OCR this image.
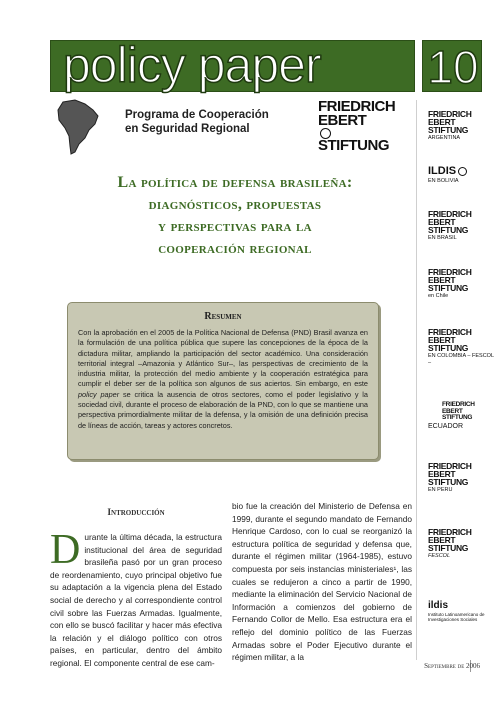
policy paper 10
Programa de Cooperación
en Seguridad Regional
FRIEDRICH
EBERT
STIFTUNG
FRIEDRICH
EBERT
STIFTUNG
ARGENTINA
ILDIS
EN BOLIVIA
FRIEDRICH
EBERT
STIFTUNG
EN BRASIL
FRIEDRICH
EBERT
STIFTUNG
en Chile
FRIEDRICH
EBERT
STIFTUNG
EN COLOMBIA – FESCOL –
FRIEDRICH
EBERT
STIFTUNG
ECUADOR
FRIEDRICH
EBERT
STIFTUNG
EN PERU
FRIEDRICH
EBERT
STIFTUNG
FESCOL
ildis
Instituto Latinoamericano de Investigaciones Sociales
La política de defensa brasileña:
diagnósticos, propuestas
y perspectivas para la
cooperación regional
Resumen
Con la aprobación en el 2005 de la Política Nacional de Defensa (PND) Brasil avanza en la formulación de una política pública que supere las concepciones de la época de la dictadura militar, ampliando la participación del sector académico. Una consideración territorial integral –Amazonia y Atlántico Sur–, las perspectivas de crecimiento de la industria militar, la protección del medio ambiente y la cooperación estratégica para cumplir el deber ser de la política son algunos de sus aciertos. Sin embargo, en este policy paper se critica la ausencia de otros sectores, como el poder legislativo y la sociedad civil, durante el proceso de elaboración de la PND, con lo que se mantiene una perspectiva primordialmente militar de la defensa, y la omisión de una definición precisa de líneas de acción, tareas y actores concretos.
Introducción
Durante la última década, la estructura institucional del área de seguridad brasileña pasó por un gran proceso de reordenamiento, cuyo principal objetivo fue su adaptación a la vigencia plena del Estado social de derecho y al correspondiente control civil sobre las Fuerzas Armadas. Igualmente, con ello se buscó facilitar y hacer más efectiva la relación y el diálogo político con otros países, en particular, dentro del ámbito regional. El componente central de ese cam-
bio fue la creación del Ministerio de Defensa en 1999, durante el segundo mandato de Fernando Henrique Cardoso, con lo cual se reorganizó la estructura política de seguridad y defensa que, durante el régimen militar (1964-1985), estuvo compuesta por seis instancias ministeriales¹, las cuales se redujeron a cinco a partir de 1990, mediante la eliminación del Servicio Nacional de Información a comienzos del gobierno de Fernando Collor de Mello. Esa estructura era el reflejo del dominio político de las Fuerzas Armadas sobre el Poder Ejecutivo durante el régimen militar, a la
Septiembre de 2006
